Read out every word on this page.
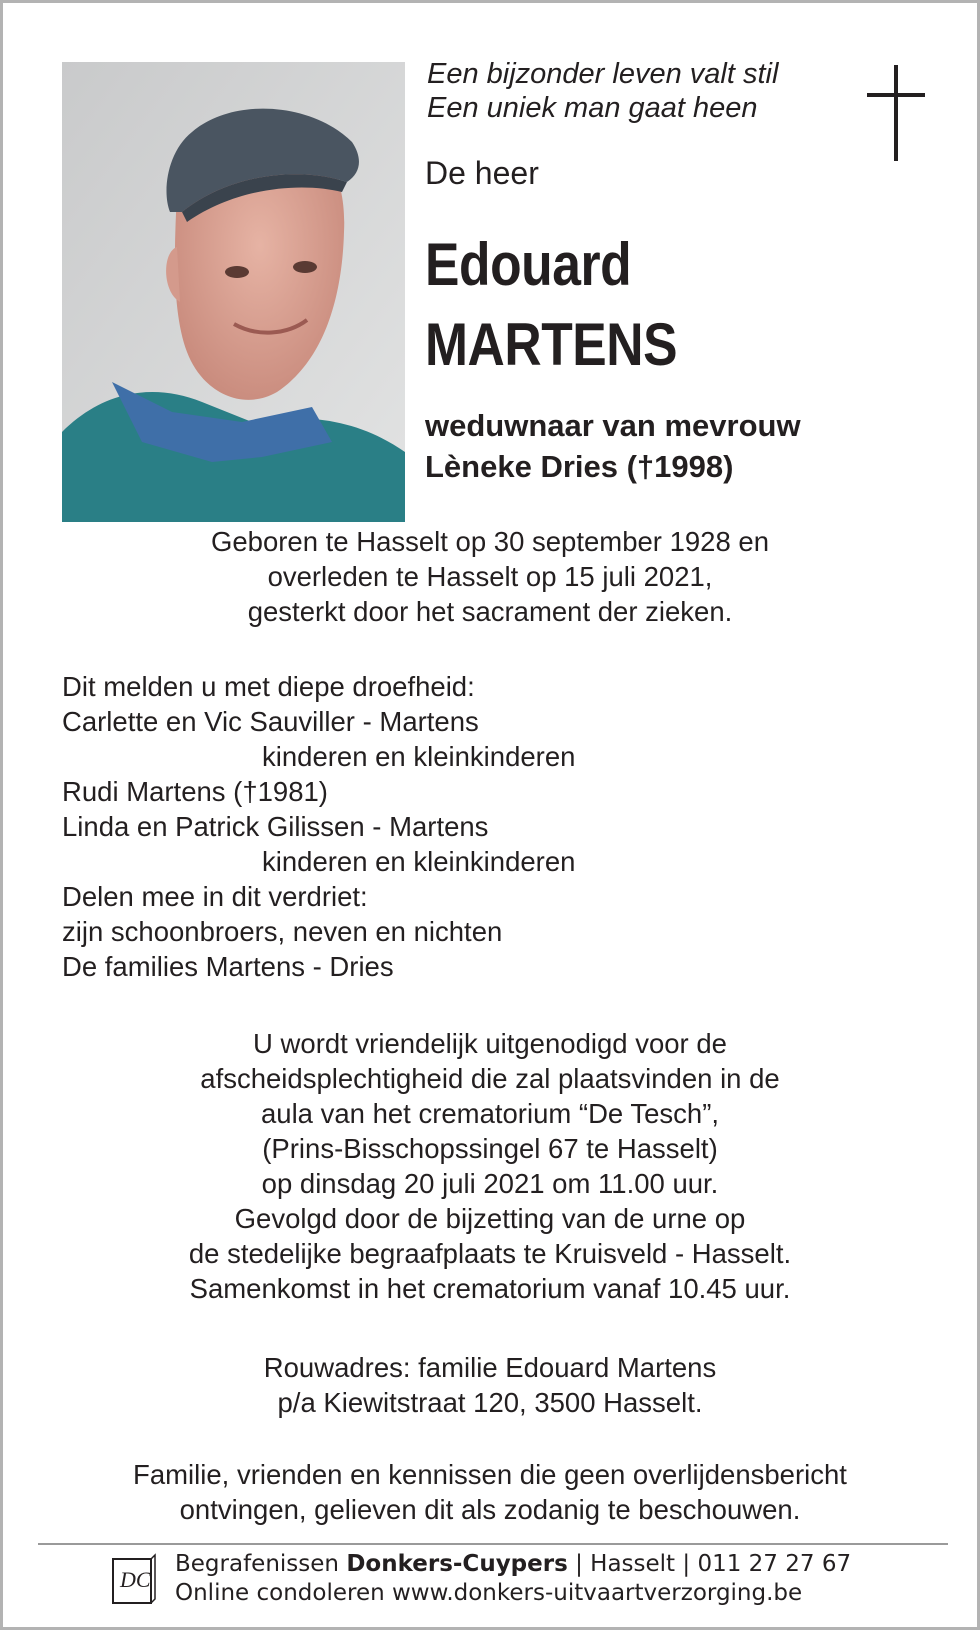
Een bijzonder leven valt stil
Een uniek man gaat heen
De heer
Edouard
MARTENS
weduwnaar van mevrouw
Lèneke Dries (†1998)
Geboren te Hasselt op 30 september 1928 en
overleden te Hasselt op 15 juli 2021,
gesterkt door het sacrament der zieken.
Dit melden u met diepe droefheid:
Carlette en Vic Sauviller - Martens
kinderen en kleinkinderen
Rudi Martens (†1981)
Linda en Patrick Gilissen - Martens
kinderen en kleinkinderen
Delen mee in dit verdriet:
zijn schoonbroers, neven en nichten
De families Martens - Dries
U wordt vriendelijk uitgenodigd voor de
afscheidsplechtigheid die zal plaatsvinden in de
aula van het crematorium “De Tesch”,
(Prins-Bisschopssingel 67 te Hasselt)
op dinsdag 20 juli 2021 om 11.00 uur.
Gevolgd door de bijzetting van de urne op
de stedelijke begraafplaats te Kruisveld - Hasselt.
Samenkomst in het crematorium vanaf 10.45 uur.
Rouwadres: familie Edouard Martens
p/a Kiewitstraat 120, 3500 Hasselt.
Familie, vrienden en kennissen die geen overlijdensbericht
ontvingen, gelieven dit als zodanig te beschouwen.
DC
Begrafenissen Donkers-Cuypers | Hasselt | 011 27 27 67
Online condoleren www.donkers-uitvaartverzorging.be
